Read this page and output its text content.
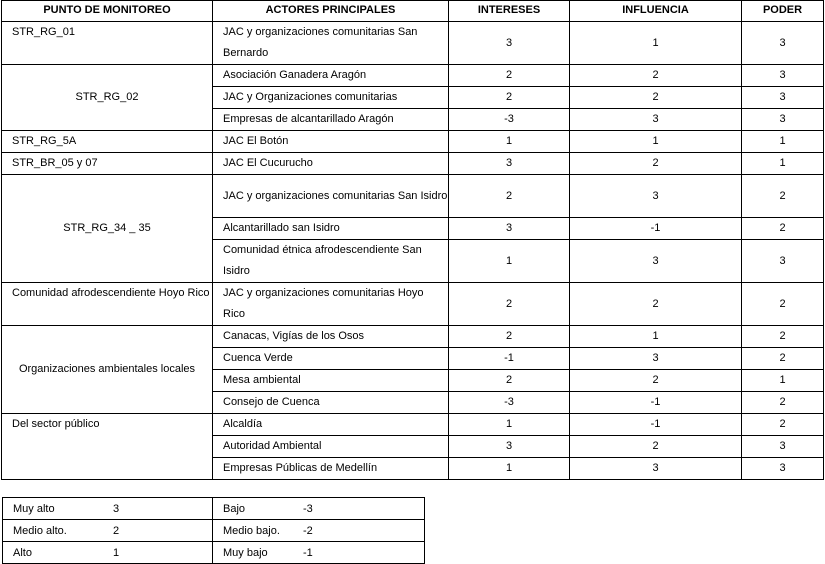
PUNTO DE MONITOREO	ACTORES PRINCIPALES	INTERESES	INFLUENCIA	PODER
STR_RG_01	JAC y organizaciones comunitarias San Bernardo	3	1	3
STR_RG_02	Asociación Ganadera Aragón	2	2	3
	JAC y Organizaciones comunitarias	2	2	3
	Empresas de alcantarillado Aragón	-3	3	3
STR_RG_5A	JAC El Botón	1	1	1
STR_BR_05 y 07	JAC El Cucurucho	3	2	1
STR_RG_34 _ 35	JAC y organizaciones comunitarias San Isidro	2	3	2
	Alcantarillado san Isidro	3	-1	2
	Comunidad étnica afrodescendiente San Isidro	1	3	3
Comunidad afrodescendiente Hoyo Rico	JAC y organizaciones comunitarias Hoyo Rico	2	2	2
Organizaciones ambientales locales	Canacas, Vigías de los Osos	2	1	2
	Cuenca Verde	-1	3	2
	Mesa ambiental	2	2	1
	Consejo de Cuenca	-3	-1	2
Del sector público	Alcaldía	1	-1	2
	Autoridad Ambiental	3	2	3
	Empresas Públicas de Medellín	1	3	3
Muy alto 3	Bajo -3
Medio alto. 2	Medio bajo. -2
Alto 1	Muy bajo -1
